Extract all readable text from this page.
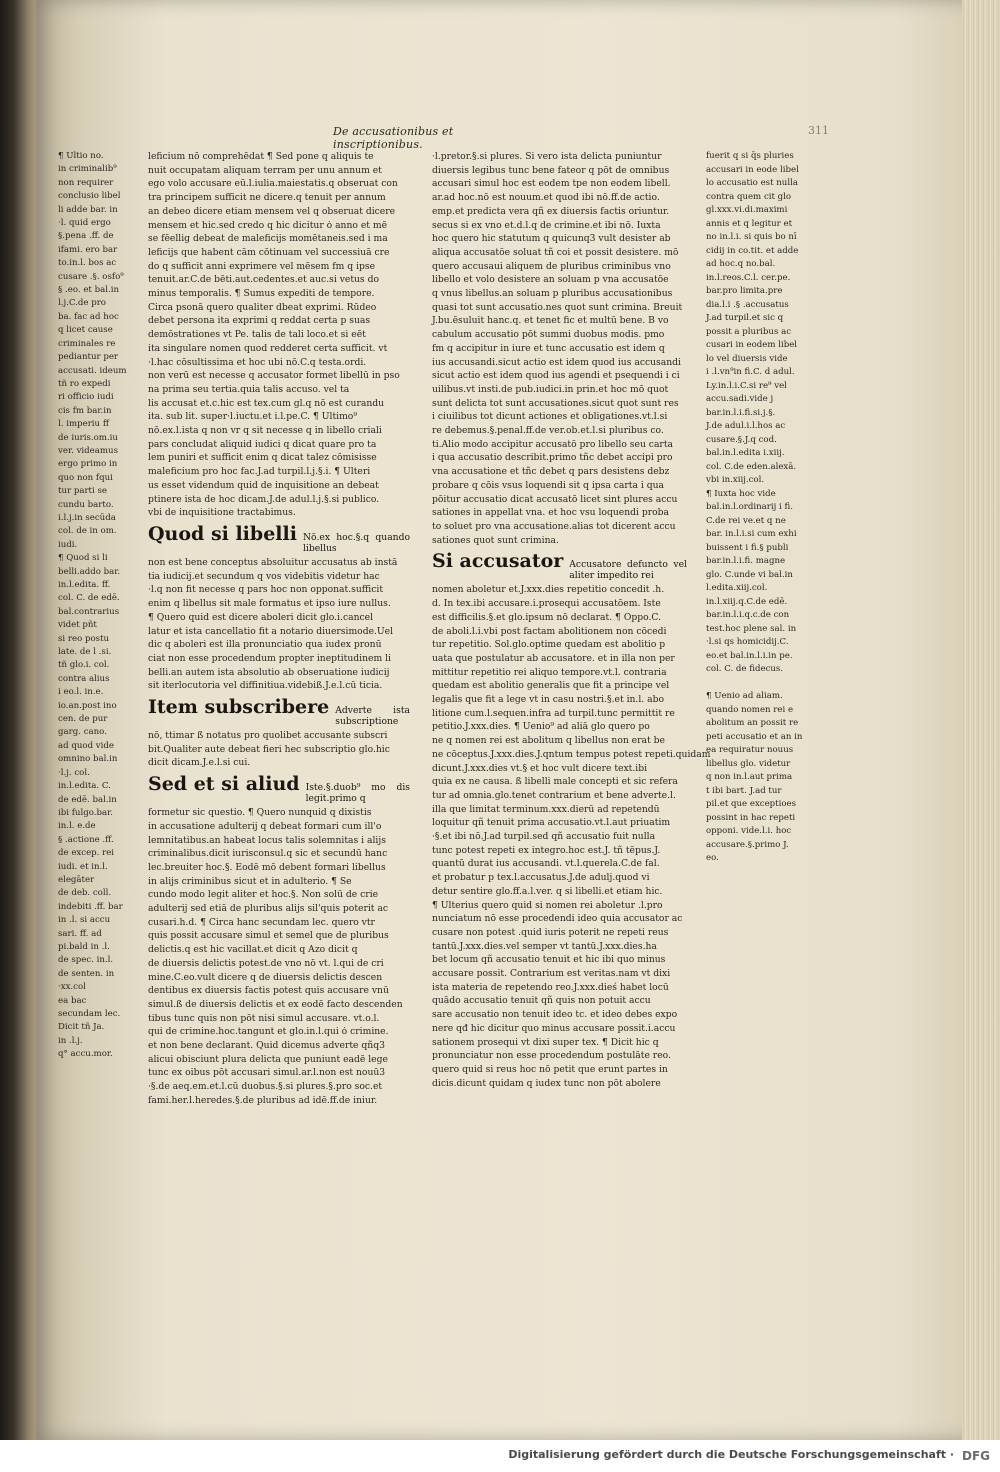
De accusationibus et inscriptionibus.
311
¶ Ultio no.
in criminalib⁹
non requirer
conclusio libel
li adde bar. in
·l. quid ergo
§.pena .ff. de
ifami. ero bar
to.in.l. bos ac
cusare .§. osfo⁹
§ .eo. et bal.in
l.j.C.de pro
ba. fac ad hoc
q licet cause
criminales re
pediantur per
accusati. ideum
tñ ro expedi
ri officio iudi
cis fm bar.in
l. imperiu ff
de iuris.om.iu
ver. videamus
ergo primo in
quo non fqui
tur parti se
cundu barto.
i.l.j.in secūda
col. de in om.
iudi.
¶ Quod si li
belli.addo bar.
in.l.edita. ff.
col. C. de edē.
bal.contrarius
videt pñt
si reo postu
late. de l .si.
tñ glo.i. col.
contra alius
i eo.l. in.e.
io.an.post ino
cen. de pur
garg. cano.
ad quod vide
omnino bal.in
·l.j. col.
in.l.edita. C.
de edē. bal.in
ibi fulgo.bar.
in.l. e.de
§ .actione .ff.
de excep. rei
iudi. et in.l.
elegāter
de deb. coll.
indebiti .ff. bar
in .l. si accu
sari. ff. ad
pi.bald in .l.
de spec. in.l.
de senten. in
·xx.col
ea bac
secundam lec.
Dicit tñ Ja.
in .l.j.
q° accu.mor.
leficium nō comprehēdat ¶ Sed pone q aliquis te
nuit occupatam aliquam terram per unu annum et
ego volo accusare eū.l.iulia.maiestatis.q obseruat con
tra principem sufficit ne dicere.q tenuit per annum
an debeo dicere etiam mensem vel q obseruat dicere
mensem et hic.sed credo q hic dicitur ȯ anno et mē
se fēellig debeat de maleficijs momētaneis.sed i ma
leficijs que habent cām cōtinuam vel successiuā cre
do q sufficit anni exprimere vel mēsem fm q ipse
tenuit.ar.C.de bēti.aut.cedentes.et auc.si vetus do
minus temporalis. ¶ Sumus expediti de tempore.
Circa psonā quero qualiter dbeat exprimi. Rūdeo
debet persona ita exprimi q reddat certa p suas
demōstrationes vt Pe. talis de tali loco.et si eēt
ita singulare nomen quod redderet certa sufficit. vt
·l.hac cōsultissima et hoc ubi nō.C.q testa.ordi.
non verū est necesse q accusator formet libellū in pso
na prima seu tertia.quia talis accuso. vel ta
lis accusat et.c.hic est tex.cum gl.q nō est curandu
ita. sub lit. super·l.iuctu.et i.l.pe.C. ¶ Ultimo⁹
nō.ex.l.ista q non vr q sit necesse q in libello criali
pars concludat aliquid iudici q dicat quare pro ta
lem puniri et sufficit enim q dicat talez cōmisisse
maleficium pro hoc fac.J.ad turpil.l.j.§.i. ¶ Ulteri
us esset videndum quid de inquisitione an debeat
ptinere ista de hoc dicam.J.de adul.l.j.§.si publico.
vbi de inquisitione tractabimus.
Quod si libelli Nō.ex hoc.§.q quando libellus
non est bene conceptus absoluitur accusatus ab instā
tia iudicij.et secundum q vos videbitis videtur hac
·l.q non fit necesse q pars hoc non opponat.sufficit
enim q libellus sit male formatus et ipso iure nullus.
¶ Quero quid est dicere aboleri dicit glo.i.cancel
latur et ista cancellatio fit a notario diuersimode.Uel
dic q aboleri est illa pronunciatio qua iudex pronū
ciat non esse procedendum propter ineptitudinem li
belli.an autem ista absolutio ab obseruatione iudicij
sit iterlocutoria vel diffinitiua.videbiß.J.e.l.cū ticia.
Item subscribere Adverte ista subscriptione
nō, ttimar ß notatus pro quolibet accusante subscri
bit.Qualiter aute debeat fieri hec subscriptio glo.hic
dicit dicam.J.e.l.si cui.
Sed et si aliud Iste.§.duob⁹ mo dis legit.primo q
formetur sic questio. ¶ Quero nunquid q dixistis
in accusatione adulterij q debeat formari cum ill'o
lemnitatibus.an habeat locus talis solemnitas i alijs
criminalibus.dicit iurisconsul.q sic et secundū hanc
lec.breuiter hoc.§. Eodē mō debent formari libellus
in alijs criminibus sicut et in adulterio. ¶ Se
cundo modo legit aliter et hoc.§. Non solū de crie
adulterij sed etiā de pluribus alijs sil'quis poterit ac
cusari.h.d. ¶ Circa hanc secundam lec. quero vtr
quis possit accusare simul et semel que de pluribus
delictis.q est hic vacillat.et dicit q Azo dicit q
de diuersis delictis potest.de vno nō vt. l.qui de cri
mine.C.eo.vult dicere q de diuersis delictis descen
dentibus ex diuersis factis potest quis accusare vnū
simul.ß de diuersis delictis et ex eodē facto descenden
tibus tunc quis non pōt nisi simul accusare. vt.o.l.
qui de crimine.hoc.tangunt et glo.in.l.qui ȯ crimine.
et non bene declarant. Quid dicemus adverte qñq3
alicui obisciunt plura delicta que puniunt eadē lege
tunc ex oibus pōt accusari simul.ar.l.non est nouū3
·§.de aeq.em.et.l.cū duobus.§.si plures.§.pro soc.et
fami.her.l.heredes.§.de pluribus ad idē.ff.de iniur.
·l.pretor.§.si plures. Si vero ista delicta puniuntur
diuersis legibus tunc bene fateor q pōt de omnibus
accusari simul hoc est eodem tpe non eodem libell.
ar.ad hoc.nō est nouum.et quod ibi nō.ff.de actio.
emp.et predicta vera qñ ex diuersis factis oriuntur.
secus si ex vno et.d.l.q de crimine.et ibi nō. Iuxta
hoc quero hic statutum q quicunq3 vult desister ab
aliqua accusatōe soluat tñ coi et possit desistere. mō
quero accusaui aliquem de pluribus criminibus vno
libello et volo desistere an soluam p vna accusatōe
q vnus libellus.an soluam p pluribus accusationibus
quasi tot sunt accusatio.nes quot sunt crimina. Breuit
J.bu.ēsuluit hanc.q. et tenet fic et multū bene. B vo
cabulum accusatio pōt summi duobus modis. pmo
fm q accipitur in iure et tunc accusatio est idem q
ius accusandi.sicut actio est idem quod ius accusandi
sicut actio est idem quod ius agendi et psequendi i ci
uilibus.vt insti.de pub.iudici.in prin.et hoc mō quot
sunt delicta tot sunt accusationes.sicut quot sunt res
i ciuilibus tot dicunt actiones et obligationes.vt.l.si
re debemus.§.penal.ff.de ver.ob.et.l.si pluribus co.
ti.Alio modo accipitur accusatō pro libello seu carta
i qua accusatio describit.primo tñc debet accipi pro
vna accusatione et tñc debet q pars desistens debz
probare q cōis vsus loquendi sit q ipsa carta i qua
pōitur accusatio dicat accusatō licet sint plures accu
sationes in appellat vna. et hoc vsu loquendi proba
to soluet pro vna accusatione.alias tot dicerent accu
sationes quot sunt crimina.
Si accusator Accusatore defuncto vel aliter impedito rei
nomen aboletur et.J.xxx.dies repetitio concedit .h.
d. In tex.ibi accusare.i.prosequi accusatōem. Iste
est difficilis.§.et glo.ipsum nō declarat. ¶ Oppo.C.
de aboli.l.i.vbi post factam abolitionem non cōcedi
tur repetitio. Sol.glo.optime quedam est abolitio p
uata que postulatur ab accusatore. et in illa non per
mittitur repetitio rei aliquo tempore.vt.l. contraria
quedam est abolitio generalis que fit a principe vel
legalis que fit a lege vt in casu nostri.§.et in.l. abo
litione cum.l.sequen.infra ad turpil.tunc permittit re
petitio.J.xxx.dies. ¶ Uenio⁹ ad aliā glo quero po
ne q nomen rei est abolitum q libellus non erat be
ne cōceptus.J.xxx.dies.J.qntum tempus potest repeti.quidam
dicunt.J.xxx.dies vt.§ et hoc vult dicere text.ibi
quia ex ne causa. ß libelli male concepti et sic refera
tur ad omnia.glo.tenet contrarium et bene adverte.l.
illa que limitat terminum.xxx.dierū ad repetendū
loquitur qñ tenuit prima accusatio.vt.l.aut priuatim
·§.et ibi nō.J.ad turpil.sed qñ accusatio fuit nulla
tunc potest repeti ex integro.hoc est.J. tñ tēpus.J.
quantū durat ius accusandi. vt.l.querela.C.de fal.
et probatur p tex.l.accusatus.J.de adulj.quod vi
detur sentire glo.ff.a.l.ver. q si libelli.et etiam hic.
¶ Ulterius quero quid si nomen rei aboletur .l.pro
nunciatum nō esse procedendi ideo quia accusator ac
cusare non potest .quid iuris poterit ne repeti reus
tantū.J.xxx.dies.vel semper vt tantū.J.xxx.dies.ha
bet locum qñ accusatio tenuit et hic ibi quo minus
accusare possit. Contrarium est veritas.nam vt dixi
ista materia de repetendo reo.J.xxx.dieś habet locū
quādo accusatio tenuit qñ quis non potuit accu
sare accusatio non tenuit ideo tc. et ideo debes expo
nere qđ hic dicitur quo minus accusare possit.i.accu
sationem prosequi vt dixi super tex. ¶ Dicit hic q
pronunciatur non esse procedendum postulāte reo.
quero quid si reus hoc nō petit que erunt partes in
dicis.dicunt quidam q iudex tunc non pōt abolere
fuerit q si q̄s pluries
accusari in eode libel
lo accusatio est nulla
contra quem cit glo
gl.xxx.vi.di.maximi
annis et q legitur et
no in.l.i. si quis bo nī
cidij in co.tit. et adde
ad hoc.q no.bal.
in.l.reos.C.l. cer.pe.
bar.pro limita.pre
dia.l.i .§ .accusatus
J.ad turpil.et sic q
possit a pluribus ac
cusari in eodem libel
lo vel diuersis vide
i .l.vn⁹in fi.C. d adul.
Ly.in.l.i.C.si re⁹ vel
accu.sadi.vide j
bar.in.l.i.fi.si.j.§.
J.de adul.i.l.hos ac
cusare.§.J.q cod.
bal.in.l.edita i.xiij.
col. C.de eden.alexā.
vbi in.xiij.col.
¶ Iuxta hoc vide
bal.in.l.ordinarij i fi.
C.de rei ve.et q ne
bar. in.l.i.si cum exhi
buissent i fi.§ publi
bar.in.l.i.fi. magne
glo. C.unde vi bal.in
l.edita.xiij.col.
in.l.xiij.q.C.de edē.
bar.in.l.i.q.c.de con
test.hoc plene sal. in
·l.si qs homicidij.C.
eo.et bal.in.l.i.in pe.
col. C. de fidecus.

¶ Uenio ad aliam.
quando nomen rei e
abolitum an possit re
peti accusatio et an in
ea requiratur nouus
libellus glo. videtur
q non in.l.aut prima
t ibi bart. J.ad tur
pil.et que exceptioes
possint in hac repeti
opponi. vide.l.i. hoc
accusare.§.primo J.
eo.
Digitalisierung gefördert durch die Deutsche Forschungsgemeinschaft · DFG
